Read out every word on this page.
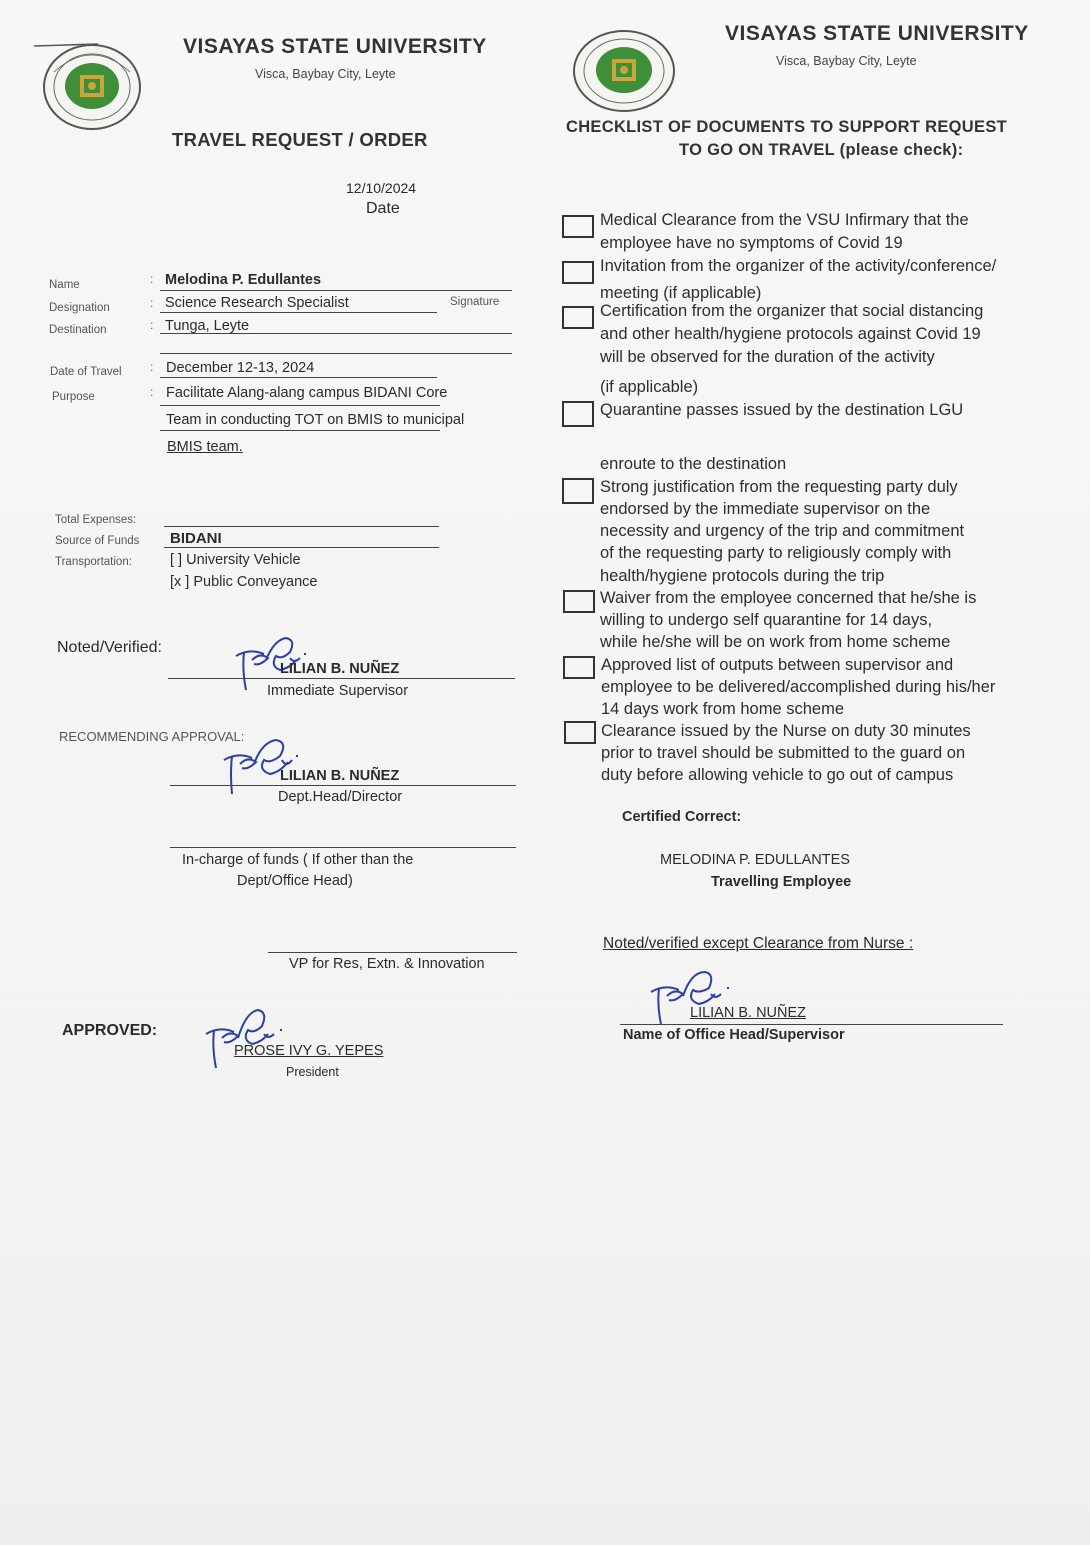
VISAYAS STATE UNIVERSITY
Visca, Baybay City, Leyte
TRAVEL REQUEST / ORDER
12/10/2024
Date
Name	: Melodina P. Edullantes
Designation	: Science Research Specialist	Signature
Destination	: Tunga, Leyte
Date of Travel : December 12-13, 2024
Purpose	: Facilitate Alang-alang campus BIDANI Core
Team in conducting TOT on BMIS to municipal
BMIS team.
Total Expenses:
Source of Funds BIDANI
Transportation:	[ ] University Vehicle
[x ] Public Conveyance
Noted/Verified:
LILIAN B. NUÑEZ
Immediate Supervisor
RECOMMENDING APPROVAL:
LILIAN B. NUÑEZ
Dept.Head/Director
In-charge of funds ( If other than the
Dept/Office Head)
VP for Res, Extn. & Innovation
APPROVED:
PROSE IVY G. YEPES
President
VISAYAS STATE UNIVERSITY
Visca, Baybay City, Leyte
CHECKLIST OF DOCUMENTS TO SUPPORT REQUEST
TO GO ON TRAVEL (please check):
Medical Clearance from the VSU Infirmary that the
employee have no symptoms of Covid 19
Invitation from the organizer of the activity/conference/
meeting (if applicable)
Certification from the organizer that social distancing
and other health/hygiene protocols against Covid 19
will be observed for the duration of the activity
(if applicable)
Quarantine passes issued by the destination LGU
enroute to the destination
Strong justification from the requesting party duly
endorsed by the immediate supervisor on the
necessity and urgency of the trip and commitment
of the requesting party to religiously comply with
health/hygiene protocols during the trip
Waiver from the employee concerned that he/she is
willing to undergo self quarantine for 14 days,
while he/she will be on work from home scheme
Approved list of outputs between supervisor and
employee to be delivered/accomplished during his/her
14 days work from home scheme
Clearance issued by the Nurse on duty 30 minutes
prior to travel should be submitted to the guard on
duty before allowing vehicle to go out of campus
Certified Correct:
MELODINA P. EDULLANTES
Travelling Employee
Noted/verified except Clearance from Nurse :
LILIAN B. NUÑEZ
Name of Office Head/Supervisor
